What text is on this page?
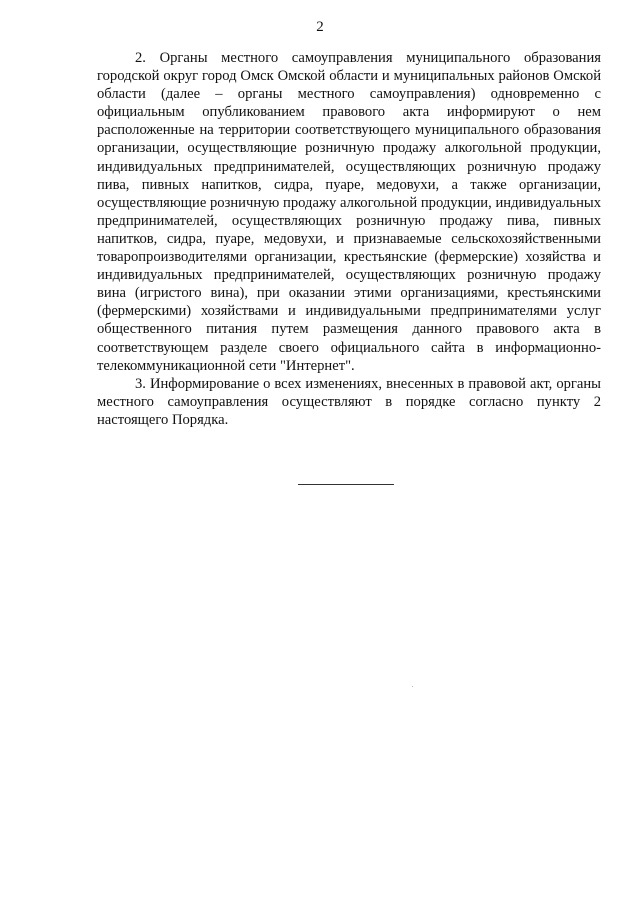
2

2. Органы местного самоуправления муниципального образования городской округ город Омск Омской области и муниципальных районов Омской области (далее – органы местного самоуправления) одновременно с официальным опубликованием правового акта информируют о нем расположенные на территории соответствующего муниципального образования организации, осуществляющие розничную продажу алкогольной продукции, индивидуальных предпринимателей, осуществляющих розничную продажу пива, пивных напитков, сидра, пуаре, медовухи, а также организации, осуществляющие розничную продажу алкогольной продукции, индивидуальных предпринимателей, осуществляющих розничную продажу пива, пивных напитков, сидра, пуаре, медовухи, и признаваемые сельскохозяйственными товаропроизводителями организации, крестьянские (фермерские) хозяйства и индивидуальных предпринимателей, осуществляющих розничную продажу вина (игристого вина), при оказании этими организациями, крестьянскими (фермерскими) хозяйствами и индивидуальными предпринимателями услуг общественного питания путем размещения данного правового акта в соответствующем разделе своего официального сайта в информационно-телекоммуникационной сети "Интернет".

3. Информирование о всех изменениях, внесенных в правовой акт, органы местного самоуправления осуществляют в порядке согласно пункту 2 настоящего Порядка.
